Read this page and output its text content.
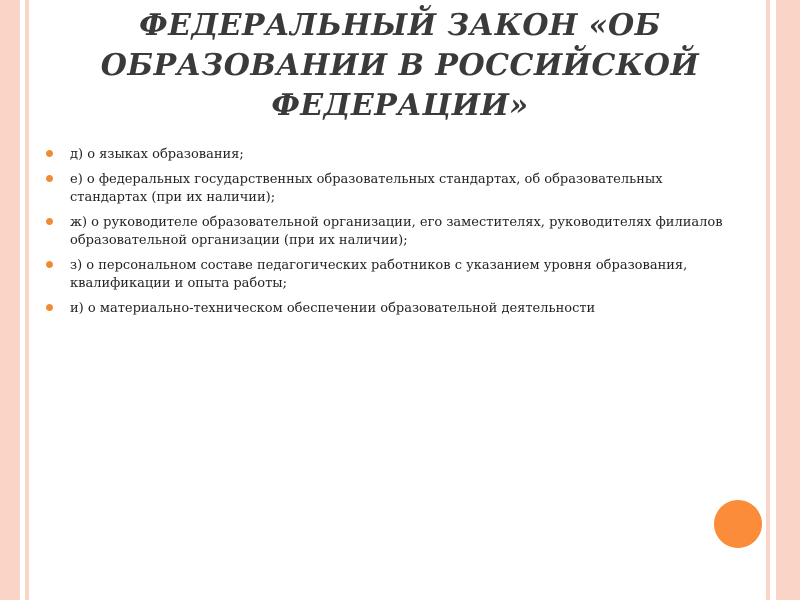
ФЕДЕРАЛЬНЫЙ ЗАКОН «ОБ ОБРАЗОВАНИИ В РОССИЙСКОЙ ФЕДЕРАЦИИ»
д) о языках образования;
е) о федеральных государственных образовательных стандартах, об образовательных стандартах (при их наличии);
ж) о руководителе образовательной организации, его заместителях, руководителях филиалов образовательной организации (при их наличии);
з) о персональном составе педагогических работников с указанием уровня образования, квалификации и опыта работы;
и) о материально-техническом обеспечении образовательной деятельности
